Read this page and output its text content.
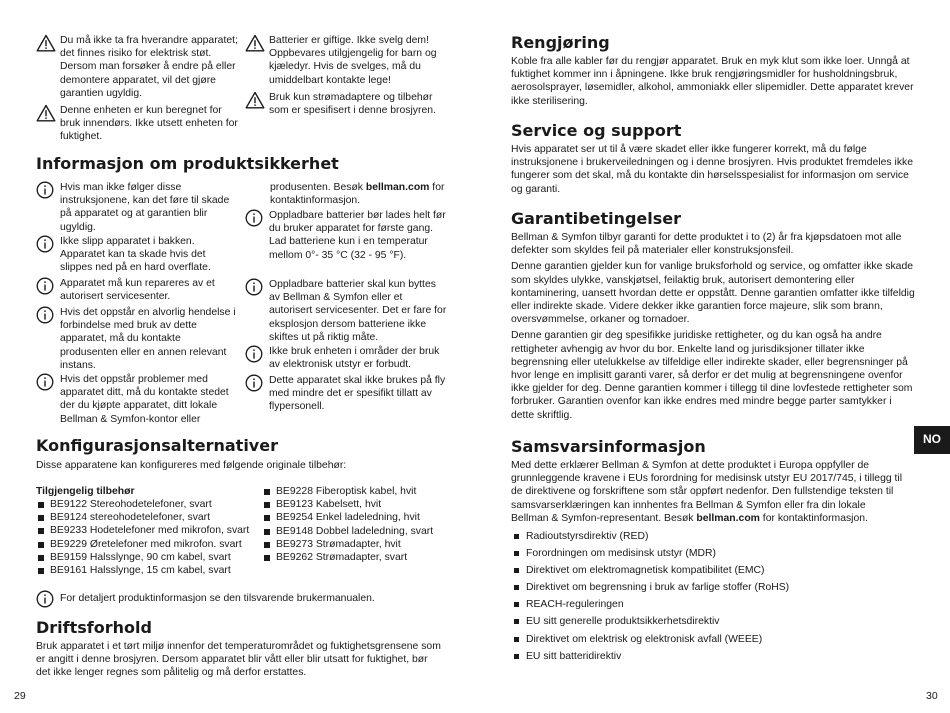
Du må ikke ta fra hverandre apparatet; det finnes risiko for elektrisk støt. Dersom man forsøker å endre på eller demontere apparatet, vil det gjøre garantien ugyldig.

Denne enheten er kun beregnet for bruk innendørs. Ikke utsett enheten for fuktighet.

Batterier er giftige. Ikke svelg dem! Oppbevares utilgjengelig for barn og kjæledyr. Hvis de svelges, må du umiddelbart kontakte lege!

Bruk kun strømadaptere og tilbehør som er spesifisert i denne brosjyren.

Informasjon om produktsikkerhet

Hvis man ikke følger disse instruksjonene, kan det føre til skade på apparatet og at garantien blir ugyldig.

Ikke slipp apparatet i bakken. Apparatet kan ta skade hvis det slippes ned på en hard overflate.

Apparatet må kun repareres av et autorisert servicesenter.

Hvis det oppstår en alvorlig hendelse i forbindelse med bruk av dette apparatet, må du kontakte produsenten eller en annen relevant instans.

Hvis det oppstår problemer med apparatet ditt, må du kontakte stedet der du kjøpte apparatet, ditt lokale Bellman & Symfon-kontor eller

produsenten. Besøk bellman.com for kontaktinformasjon.

Oppladbare batterier bør lades helt før du bruker apparatet for første gang. Lad batteriene kun i en temperatur mellom 0°- 35 °C (32 - 95 °F).

Oppladbare batterier skal kun byttes av Bellman & Symfon eller et autorisert servicesenter. Det er fare for eksplosjon dersom batteriene ikke skiftes ut på riktig måte.

Ikke bruk enheten i områder der bruk av elektronisk utstyr er forbudt.

Dette apparatet skal ikke brukes på fly med mindre det er spesifikt tillatt av flypersonell.

Konfigurasjonsalternativer

Disse apparatene kan konfigureres med følgende originale tilbehør:

Tilgjengelig tilbehør

BE9122 Stereohodetelefoner, svart
BE9124 stereohodetelefoner, svart
BE9233 Hodetelefoner med mikrofon, svart
BE9229 Øretelefoner med mikrofon. svart
BE9159 Halsslynge, 90 cm kabel, svart
BE9161 Halsslynge, 15 cm kabel, svart
BE9228 Fiberoptisk kabel, hvit
BE9123 Kabelsett, hvit
BE9254 Enkel ladeledning, hvit
BE9148 Dobbel ladeledning, svart
BE9273 Strømadapter, hvit
BE9262 Strømadapter, svart

For detaljert produktinformasjon se den tilsvarende brukermanualen.

Driftsforhold

Bruk apparatet i et tørt miljø innenfor det temperaturområdet og fuktighetsgrensene som er angitt i denne brosjyren. Dersom apparatet blir vått eller blir utsatt for fuktighet, bør det ikke lenger regnes som pålitelig og må derfor erstattes.

29
Rengjøring

Koble fra alle kabler før du rengjør apparatet. Bruk en myk klut som ikke loer. Unngå at fuktighet kommer inn i åpningene. Ikke bruk rengjøringsmidler for husholdningsbruk, aerosolsprayer, løsemidler, alkohol, ammoniakk eller slipemidler. Dette apparatet krever ikke sterilisering.

Service og support

Hvis apparatet ser ut til å være skadet eller ikke fungerer korrekt, må du følge instruksjonene i brukerveiledningen og i denne brosjyren. Hvis produktet fremdeles ikke fungerer som det skal, må du kontakte din hørselsspesialist for informasjon om service og garanti.

Garantibetingelser

Bellman & Symfon tilbyr garanti for dette produktet i to (2) år fra kjøpsdatoen mot alle defekter som skyldes feil på materialer eller konstruksjonsfeil.

Denne garantien gjelder kun for vanlige bruksforhold og service, og omfatter ikke skade som skyldes ulykke, vanskjøtsel, feilaktig bruk, autorisert demontering eller kontaminering, uansett hvordan dette er oppstått. Denne garantien omfatter ikke tilfeldig eller indirekte skade. Videre dekker ikke garantien force majeure, slik som brann, oversvømmelse, orkaner og tornadoer.

Denne garantien gir deg spesifikke juridiske rettigheter, og du kan også ha andre rettigheter avhengig av hvor du bor. Enkelte land og jurisdiksjoner tillater ikke begrensning eller utelukkelse av tilfeldige eller indirekte skader, eller begrensninger på hvor lenge en implisitt garanti varer, så derfor er det mulig at begrensningene ovenfor ikke gjelder for deg. Denne garantien kommer i tillegg til dine lovfestede rettigheter som forbruker. Garantien ovenfor kan ikke endres med mindre begge parter samtykker i dette skriftlig.

Samsvarsinformasjon

Med dette erklærer Bellman & Symfon at dette produktet i Europa oppfyller de grunnleggende kravene i EUs forordning for medisinsk utstyr EU 2017/745, i tillegg til de direktivene og forskriftene som står oppført nedenfor. Den fullstendige teksten til samsvarserklæringen kan innhentes fra Bellman & Symfon eller fra din lokale Bellman & Symfon-representant. Besøk bellman.com for kontaktinformasjon.

Radioutstyrsdirektiv (RED)
Forordningen om medisinsk utstyr (MDR)
Direktivet om elektromagnetisk kompatibilitet (EMC)
Direktivet om begrensning i bruk av farlige stoffer (RoHS)
REACH-reguleringen
EU sitt generelle produktsikkerhetsdirektiv
Direktivet om elektrisk og elektronisk avfall (WEEE)
EU sitt batteridirektiv
NO
30
